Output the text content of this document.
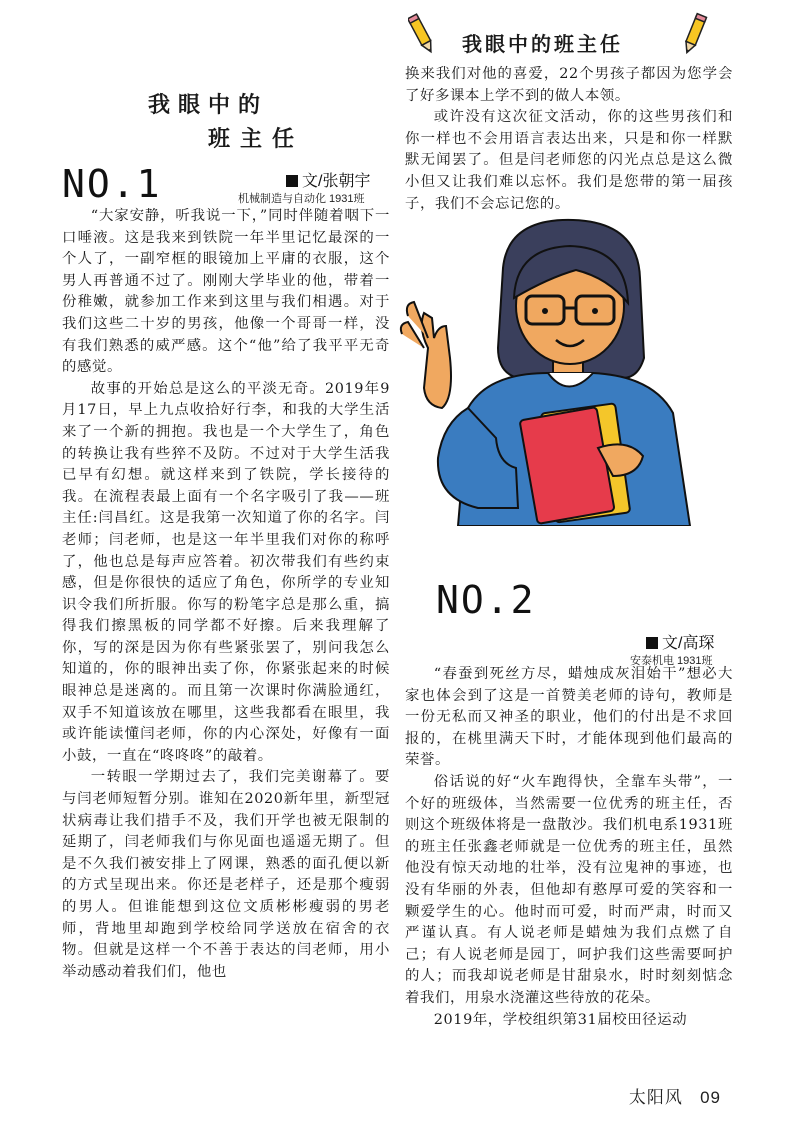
我眼中的班主任
我眼中的
班主任
NO.1	文/张朝宇
机械制造与自动化 1931班

“大家安静，听我说一下，”同时伴随着咽下一口唾液。这是我来到铁院一年半里记忆最深的一个人了，一副窄框的眼镜加上平庸的衣服，这个男人再普通不过了。刚刚大学毕业的他，带着一份稚嫩，就参加工作来到这里与我们相遇。对于我们这些二十岁的男孩，他像一个哥哥一样，没有我们熟悉的威严感。这个“他”给了我平平无奇的感觉。

故事的开始总是这么的平淡无奇。2019年9月17日，早上九点收拾好行李，和我的大学生活来了一个新的拥抱。我也是一个大学生了，角色的转换让我有些猝不及防。不过对于大学生活我已早有幻想。就这样来到了铁院，学长接待的我。在流程表最上面有一个名字吸引了我——班主任:闫昌红。这是我第一次知道了你的名字。闫老师；闫老师，也是这一年半里我们对你的称呼了，他也总是每声应答着。初次带我们有些约束感，但是你很快的适应了角色，你所学的专业知识令我们所折服。你写的粉笔字总是那么重，搞得我们擦黑板的同学都不好擦。后来我理解了你，写的深是因为你有些紧张罢了，别问我怎么知道的，你的眼神出卖了你，你紧张起来的时候眼神总是迷离的。而且第一次课时你满脸通红，双手不知道该放在哪里，这些我都看在眼里，我或许能读懂闫老师，你的内心深处，好像有一面小鼓，一直在“咚咚咚”的敲着。

一转眼一学期过去了，我们完美谢幕了。要与闫老师短暂分别。谁知在2020新年里，新型冠状病毒让我们措手不及，我们开学也被无限制的延期了，闫老师我们与你见面也遥遥无期了。但是不久我们被安排上了网课，熟悉的面孔便以新的方式呈现出来。你还是老样子，还是那个瘦弱的男人。但谁能想到这位文质彬彬瘦弱的男老师，背地里却跑到学校给同学送放在宿舍的衣物。但就是这样一个不善于表达的闫老师，用小举动感动着我们们，他也

换来我们对他的喜爱，22个男孩子都因为您学会了好多课本上学不到的做人本领。

或许没有这次征文活动，你的这些男孩们和你一样也不会用语言表达出来，只是和你一样默默无闻罢了。但是闫老师您的闪光点总是这么微小但又让我们难以忘怀。我们是您带的第一届孩子，我们不会忘记您的。

NO.2
文/高琛
安泰机电 1931班

“春蚕到死丝方尽，蜡烛成灰泪始干”想必大家也体会到了这是一首赞美老师的诗句，教师是一份无私而又神圣的职业，他们的付出是不求回报的，在桃里满天下时，才能体现到他们最高的荣誉。

俗话说的好“火车跑得快，全靠车头带”，一个好的班级体，当然需要一位优秀的班主任，否则这个班级体将是一盘散沙。我们机电系1931班的班主任张鑫老师就是一位优秀的班主任，虽然他没有惊天动地的壮举，没有泣鬼神的事迹，也没有华丽的外表，但他却有憨厚可爱的笑容和一颗爱学生的心。他时而可爱，时而严肃，时而又严谨认真。有人说老师是蜡烛为我们点燃了自己；有人说老师是园丁，呵护我们这些需要呵护的人；而我却说老师是甘甜泉水，时时刻刻惦念着我们，用泉水浇灌这些待放的花朵。

2019年，学校组织第31届校田径运动

太阳风 09
